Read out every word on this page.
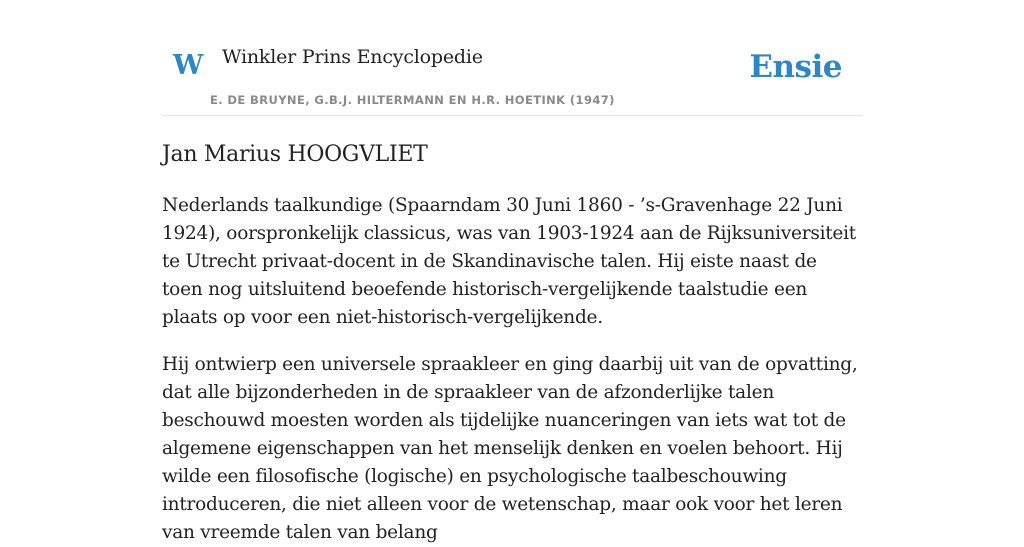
W Winkler Prins Encyclopedie
E. DE BRUYNE, G.B.J. HILTERMANN EN H.R. HOETINK (1947)
Ensie
Jan Marius HOOGVLIET

Nederlands taalkundige (Spaarndam 30 Juni 1860 - ’s-Gravenhage 22 Juni 1924), oorspronkelijk classicus, was van 1903-1924 aan de Rijksuniversiteit te Utrecht privaat-docent in de Skandinavische talen. Hij eiste naast de toen nog uitsluitend beoefende historisch-vergelijkende taalstudie een plaats op voor een niet-historisch-vergelijkende.

Hij ontwierp een universele spraakleer en ging daarbij uit van de opvatting, dat alle bijzonderheden in de spraakleer van de afzonderlijke talen beschouwd moesten worden als tijdelijke nuanceringen van iets wat tot de algemene eigenschappen van het menselijk denken en voelen behoort. Hij wilde een filosofische (logische) en psychologische taalbeschouwing introduceren, die niet alleen voor de wetenschap, maar ook voor het leren van vreemde talen van belang
